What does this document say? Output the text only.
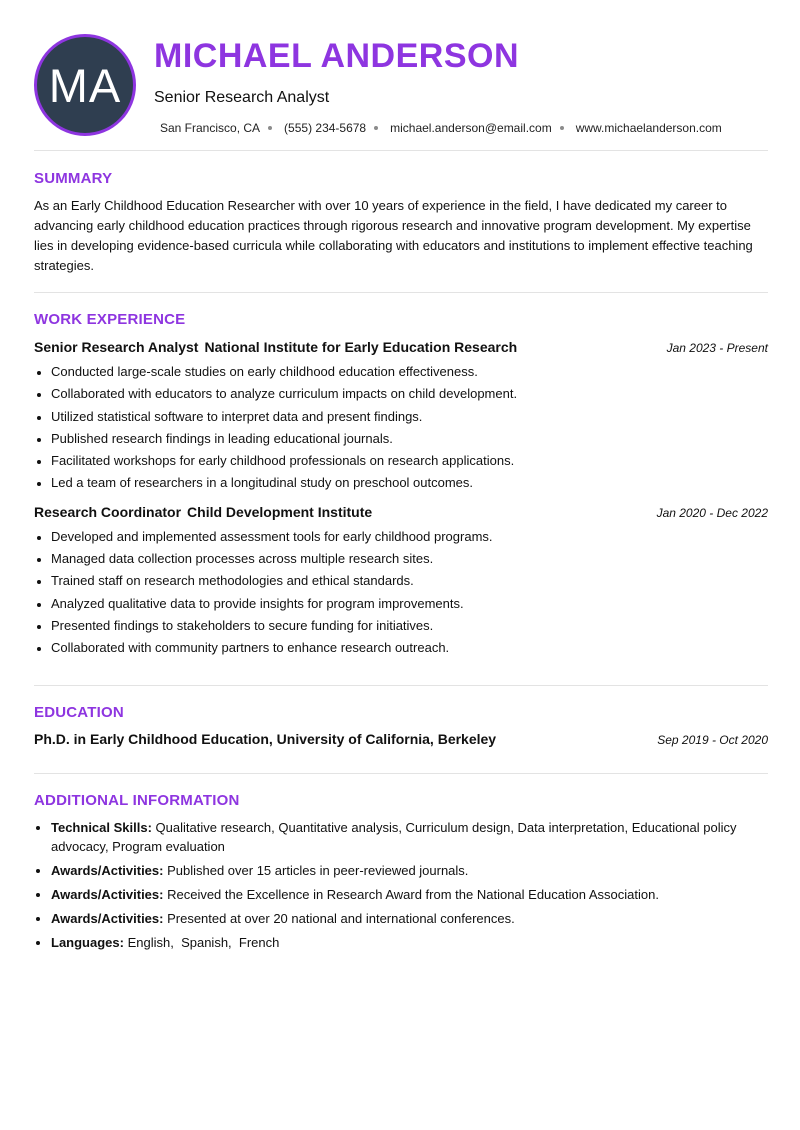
MA
MICHAEL ANDERSON
Senior Research Analyst
San Francisco, CA (555) 234-5678 michael.anderson@email.com www.michaelanderson.com
SUMMARY

As an Early Childhood Education Researcher with over 10 years of experience in the field, I have dedicated my career to advancing early childhood education practices through rigorous research and innovative program development. My expertise lies in developing evidence-based curricula while collaborating with educators and institutions to implement effective teaching strategies.

WORK EXPERIENCE
Senior Research Analyst National Institute for Early Education Research	Jan 2023 - Present
• Conducted large-scale studies on early childhood education effectiveness.
• Collaborated with educators to analyze curriculum impacts on child development.
• Utilized statistical software to interpret data and present findings.
• Published research findings in leading educational journals.
• Facilitated workshops for early childhood professionals on research applications.
• Led a team of researchers in a longitudinal study on preschool outcomes.
Research Coordinator Child Development Institute	Jan 2020 - Dec 2022
• Developed and implemented assessment tools for early childhood programs.
• Managed data collection processes across multiple research sites.
• Trained staff on research methodologies and ethical standards.
• Analyzed qualitative data to provide insights for program improvements.
• Presented findings to stakeholders to secure funding for initiatives.
• Collaborated with community partners to enhance research outreach.
EDUCATION
Ph.D. in Early Childhood Education, University of California, Berkeley	Sep 2019 - Oct 2020
ADDITIONAL INFORMATION
• Technical Skills: Qualitative research, Quantitative analysis, Curriculum design, Data interpretation, Educational policy advocacy, Program evaluation
• Awards/Activities: Published over 15 articles in peer-reviewed journals.
• Awards/Activities: Received the Excellence in Research Award from the National Education Association.
• Awards/Activities: Presented at over 20 national and international conferences.
• Languages: English,  Spanish,  French
